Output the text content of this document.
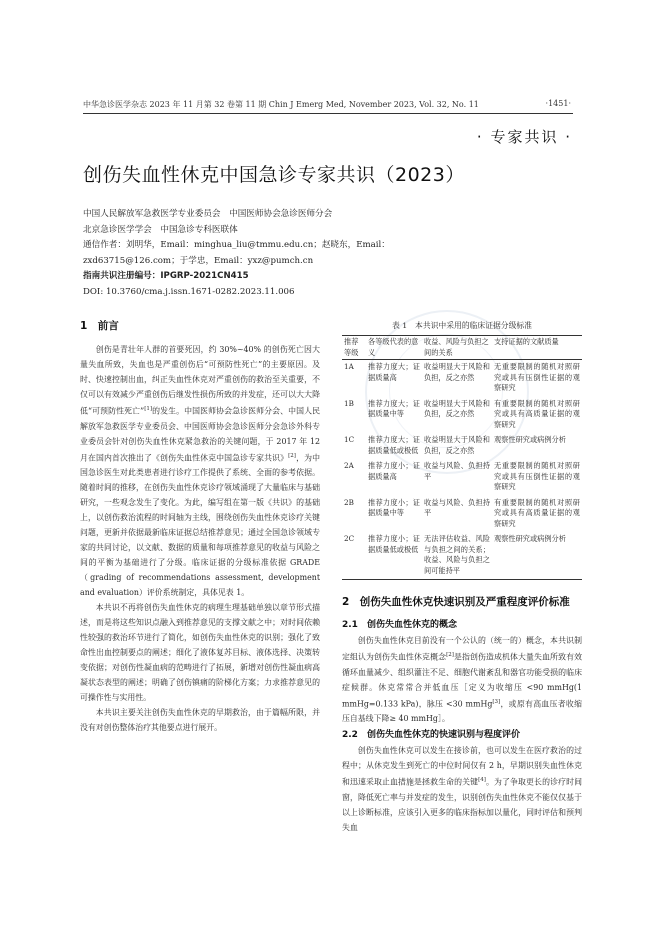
中华急诊医学杂志 2023 年 11 月第 32 卷第 11 期 Chin J Emerg Med, November 2023, Vol. 32, No. 11	·1451·
· 专家共识 ·
创伤失血性休克中国急诊专家共识（2023）

中国人民解放军急救医学专业委员会　中国医师协会急诊医师分会

北京急诊医学学会　中国急诊专科医联体

通信作者：刘明华，Email：minghua_liu@tmmu.edu.cn；赵晓东，Email：

zxd63715@126.com；于学忠，Email：yxz@pumch.cn

指南共识注册编号：IPGRP-2021CN415

DOI: 10.3760/cma.j.issn.1671-0282.2023.11.006

1　前言

创伤是青壮年人群的首要死因，约 30%~40% 的创伤死亡因大量失血所致，失血也是严重创伤后“可预防性死亡”的主要原因。及时、快速控制出血，纠正失血性休克对严重创伤的救治至关重要，不仅可以有效减少严重创伤后继发性损伤所致的并发症，还可以大大降低“可预防性死亡”[1]的发生。中国医师协会急诊医师分会、中国人民解放军急救医学专业委员会、中国医师协会急诊医师分会急诊外科专业委员会针对创伤失血性休克紧急救治的关键问题，于 2017 年 12 月在国内首次推出了《创伤失血性休克中国急诊专家共识》[2]，为中国急诊医生对此类患者进行诊疗工作提供了系统、全面的参考依据。随着时间的推移，在创伤失血性休克诊疗领域涌现了大量临床与基础研究，一些观念发生了变化。为此，编写组在第一版《共识》的基础上，以创伤救治流程的时间轴为主线，围绕创伤失血性休克诊疗关键问题，更新并依据最新临床证据总结推荐意见；通过全国急诊领域专家的共同讨论，以文献、数据的质量和每项推荐意见的收益与风险之间的平衡为基础进行了分级。临床证据的分级标准依据 GRADE（grading of recommendations assessment, development and evaluation）评价系统制定，具体见表 1。

本共识不再将创伤失血性休克的病理生理基础单独以章节形式描述，而是将这些知识点融入到推荐意见的支撑文献之中；对时间依赖性较强的救治环节进行了简化，如创伤失血性休克的识别；强化了致命性出血控制要点的阐述；细化了液体复苏目标、液体选择、决策转变依据；对创伤性凝血病的范畴进行了拓展，新增对创伤性凝血病高凝状态表型的阐述；明确了创伤镇痛的阶梯化方案；力求推荐意见的可操作性与实用性。

本共识主要关注创伤失血性休克的早期救治，由于篇幅所限，并没有对创伤整体治疗其他要点进行展开。

表 1　本共识中采用的临床证据分级标准
推荐等级	各等级代表的意义	收益、风险与负担之间的关系	支持证据的文献质量
1A	推荐力度大；证据质量高	收益明显大于风险和负担，反之亦然	无重要限制的随机对照研究或具有压倒性证据的观察研究
1B	推荐力度大；证据质量中等	收益明显大于风险和负担，反之亦然	有重要限制的随机对照研究或具有高质量证据的观察研究
1C	推荐力度大；证据质量低或极低	收益明显大于风险和负担，反之亦然	观察性研究或病例分析
2A	推荐力度小；证据质量高	收益与风险、负担持平	无重要限制的随机对照研究或具有压倒性证据的观察研究
2B	推荐力度小；证据质量中等	收益与风险、负担持平	有重要限制的随机对照研究或具有高质量证据的观察研究
2C	推荐力度小；证据质量低或极低	无法评估收益、风险与负担之间的关系；收益、风险与负担之间可能持平	观察性研究或病例分析
2　创伤失血性休克快速识别及严重程度评价标准
2.1　创伤失血性休克的概念

创伤失血性休克目前没有一个公认的（统一的）概念，本共识制定组认为创伤失血性休克概念[2]是指创伤造成机体大量失血所致有效循环血量减少、组织灌注不足、细胞代谢紊乱和器官功能受损的临床症候群。休克常常合并低血压［定义为收缩压 <90 mmHg(1 mmHg=0.133 kPa)，脉压 <30 mmHg[3]，或原有高血压者收缩压自基线下降≥ 40 mmHg］。

2.2　创伤失血性休克的快速识别与程度评价

创伤失血性休克可以发生在接诊前，也可以发生在医疗救治的过程中；从休克发生到死亡的中位时间仅有 2 h，早期识别失血性休克和迅速采取止血措施是拯救生命的关键[4]。为了争取更长的诊疗时间窗，降低死亡率与并发症的发生，识别创伤失血性休克不能仅仅基于以上诊断标准，应该引入更多的临床指标加以量化，同时评估和预判失血
